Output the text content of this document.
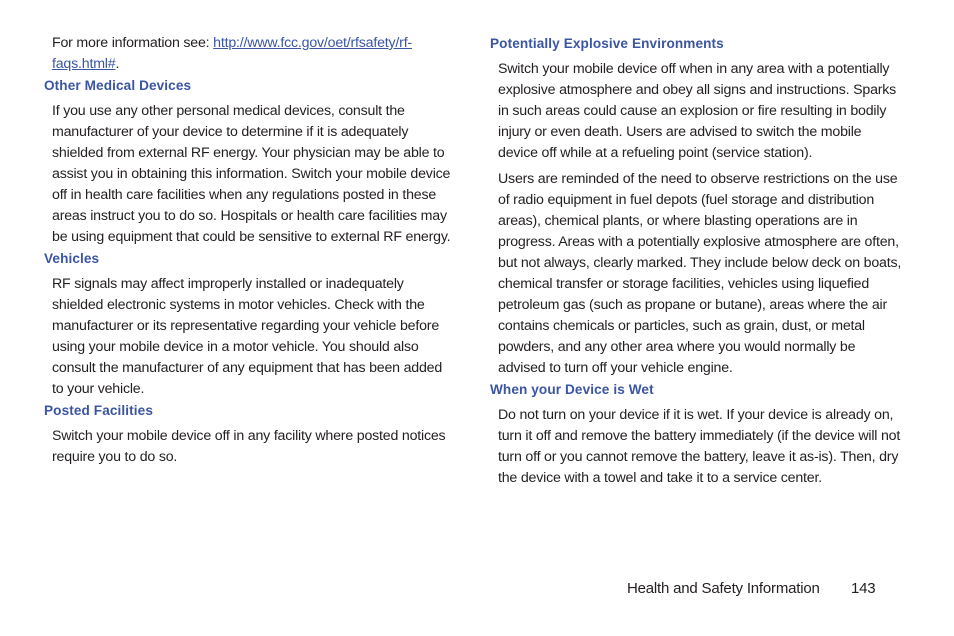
For more information see: http://www.fcc.gov/oet/rfsafety/rf-
faqs.html#.

Other Medical Devices

If you use any other personal medical devices, consult the manufacturer of your device to determine if it is adequately shielded from external RF energy. Your physician may be able to assist you in obtaining this information. Switch your mobile device off in health care facilities when any regulations posted in these areas instruct you to do so. Hospitals or health care facilities may be using equipment that could be sensitive to external RF energy.

Vehicles

RF signals may affect improperly installed or inadequately shielded electronic systems in motor vehicles. Check with the manufacturer or its representative regarding your vehicle before using your mobile device in a motor vehicle. You should also consult the manufacturer of any equipment that has been added to your vehicle.

Posted Facilities

Switch your mobile device off in any facility where posted notices require you to do so.

Potentially Explosive Environments

Switch your mobile device off when in any area with a potentially explosive atmosphere and obey all signs and instructions. Sparks in such areas could cause an explosion or fire resulting in bodily injury or even death. Users are advised to switch the mobile device off while at a refueling point (service station).

Users are reminded of the need to observe restrictions on the use of radio equipment in fuel depots (fuel storage and distribution areas), chemical plants, or where blasting operations are in progress. Areas with a potentially explosive atmosphere are often, but not always, clearly marked. They include below deck on boats, chemical transfer or storage facilities, vehicles using liquefied petroleum gas (such as propane or butane), areas where the air contains chemicals or particles, such as grain, dust, or metal powders, and any other area where you would normally be advised to turn off your vehicle engine.

When your Device is Wet

Do not turn on your device if it is wet. If your device is already on, turn it off and remove the battery immediately (if the device will not turn off or you cannot remove the battery, leave it as-is). Then, dry the device with a towel and take it to a service center.

Health and Safety Information 143
